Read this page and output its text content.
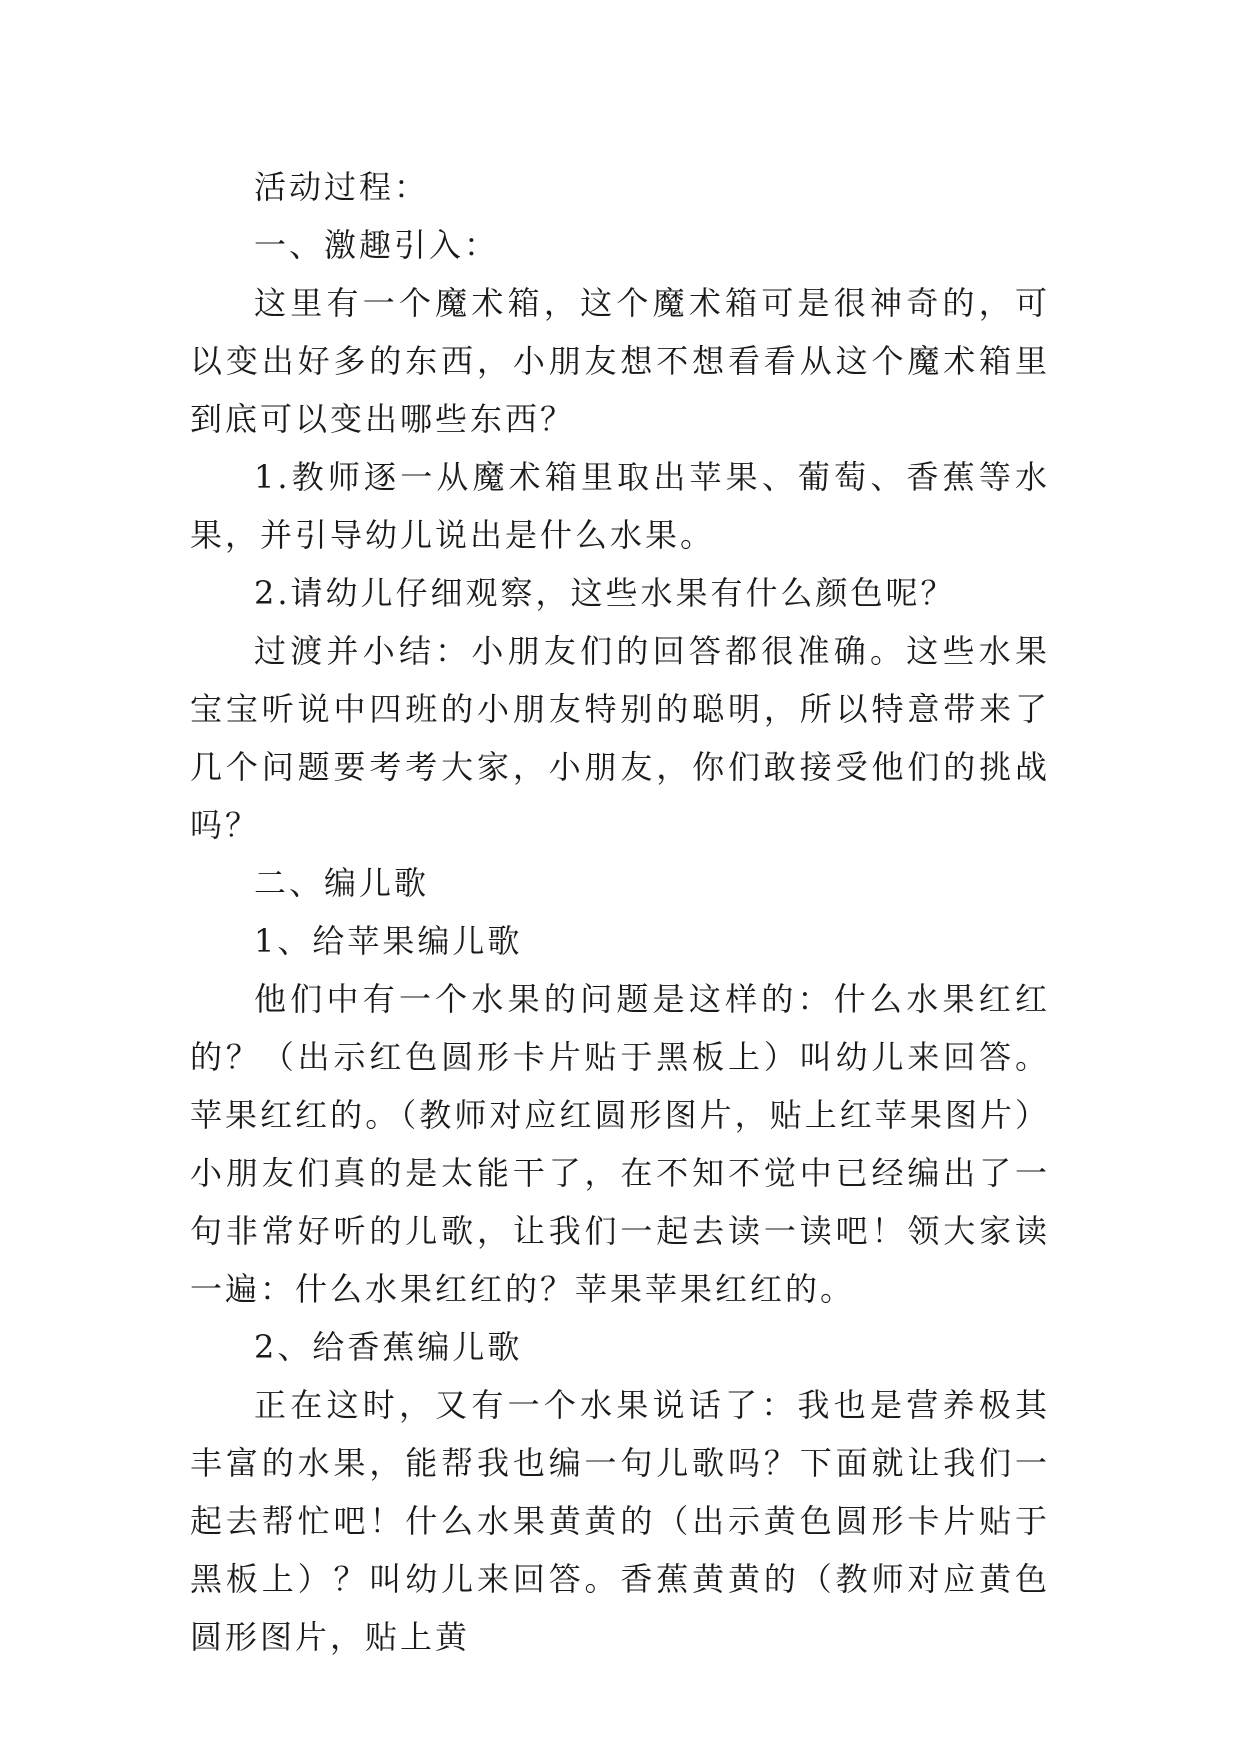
活动过程：

一、激趣引入：

这里有一个魔术箱，这个魔术箱可是很神奇的，可以变出好多的东西，小朋友想不想看看从这个魔术箱里到底可以变出哪些东西？

1.教师逐一从魔术箱里取出苹果、葡萄、香蕉等水果，并引导幼儿说出是什么水果。

2.请幼儿仔细观察，这些水果有什么颜色呢？

过渡并小结：小朋友们的回答都很准确。这些水果宝宝听说中四班的小朋友特别的聪明，所以特意带来了几个问题要考考大家，小朋友，你们敢接受他们的挑战吗？

二、编儿歌

1、给苹果编儿歌

他们中有一个水果的问题是这样的：什么水果红红的？（出示红色圆形卡片贴于黑板上）叫幼儿来回答。苹果红红的。（教师对应红圆形图片，贴上红苹果图片）小朋友们真的是太能干了，在不知不觉中已经编出了一句非常好听的儿歌，让我们一起去读一读吧！领大家读一遍：什么水果红红的？苹果苹果红红的。

2、给香蕉编儿歌

正在这时，又有一个水果说话了：我也是营养极其丰富的水果，能帮我也编一句儿歌吗？下面就让我们一起去帮忙吧！什么水果黄黄的（出示黄色圆形卡片贴于黑板上）？叫幼儿来回答。香蕉黄黄的（教师对应黄色圆形图片，贴上黄
